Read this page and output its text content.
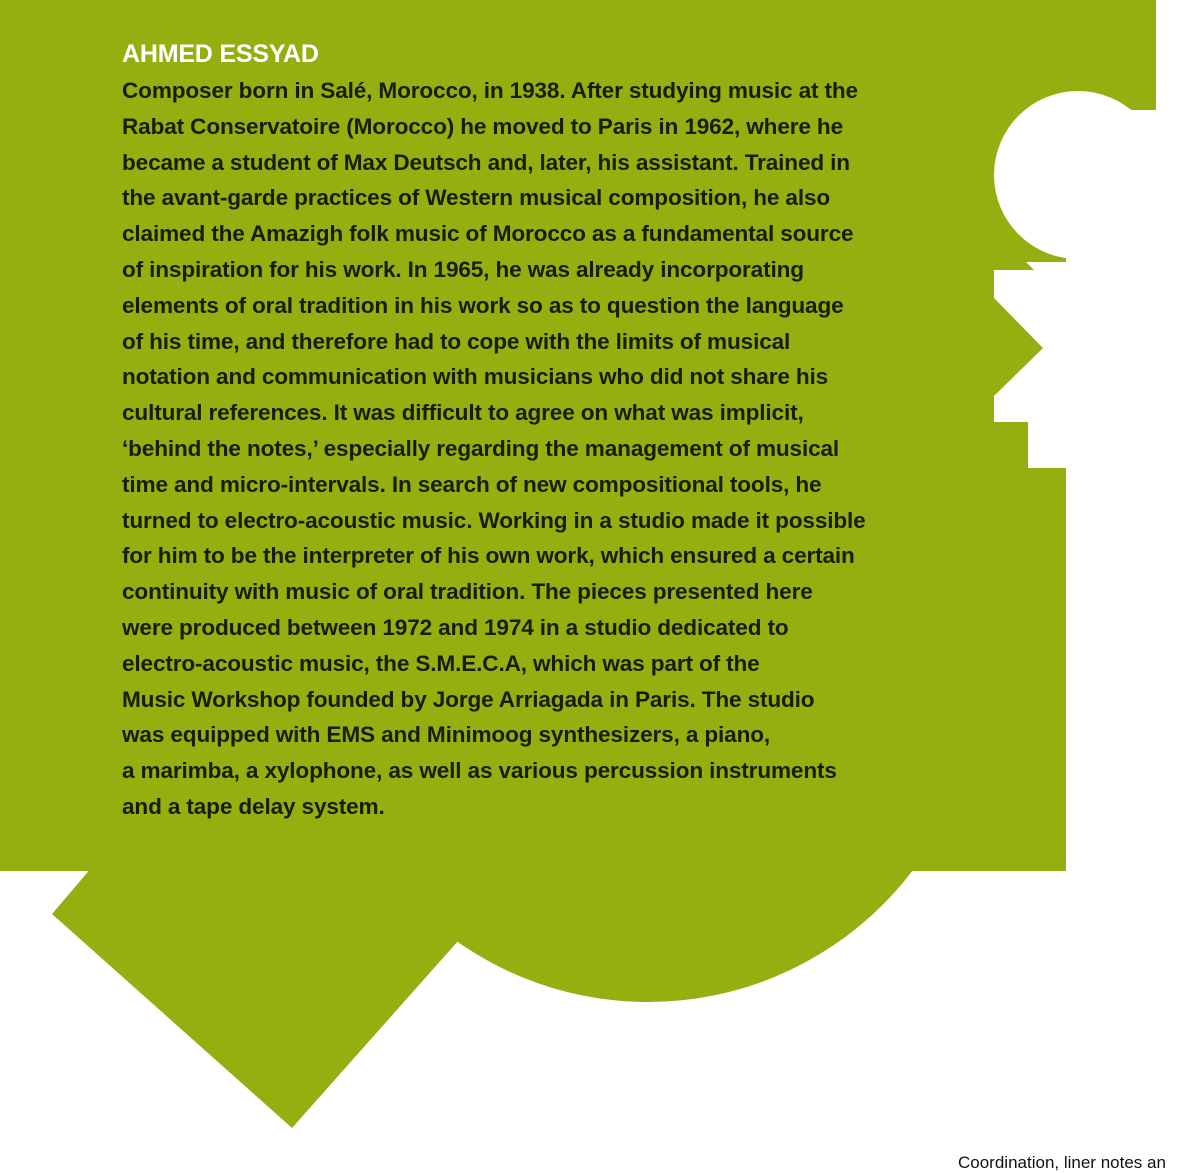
AHMED ESSYAD

Composer born in Salé, Morocco, in 1938. After studying music at the
Rabat Conservatoire (Morocco) he moved to Paris in 1962, where he
became a student of Max Deutsch and, later, his assistant. Trained in
the avant-garde practices of Western musical composition, he also
claimed the Amazigh folk music of Morocco as a fundamental source
of inspiration for his work. In 1965, he was already incorporating
elements of oral tradition in his work so as to question the language
of his time, and therefore had to cope with the limits of musical
notation and communication with musicians who did not share his
cultural references. It was difficult to agree on what was implicit,
‘behind the notes,’ especially regarding the management of musical
time and micro-intervals. In search of new compositional tools, he
turned to electro-acoustic music. Working in a studio made it possible
for him to be the interpreter of his own work, which ensured a certain
continuity with music of oral tradition. The pieces presented here
were produced between 1972 and 1974 in a studio dedicated to
electro-acoustic music, the S.M.E.C.A, which was part of the
Music Workshop founded by Jorge Arriagada in Paris. The studio
was equipped with EMS and Minimoog synthesizers, a piano,
a marimba, a xylophone, as well as various percussion instruments
and a tape delay system.

Coordination, liner notes an
